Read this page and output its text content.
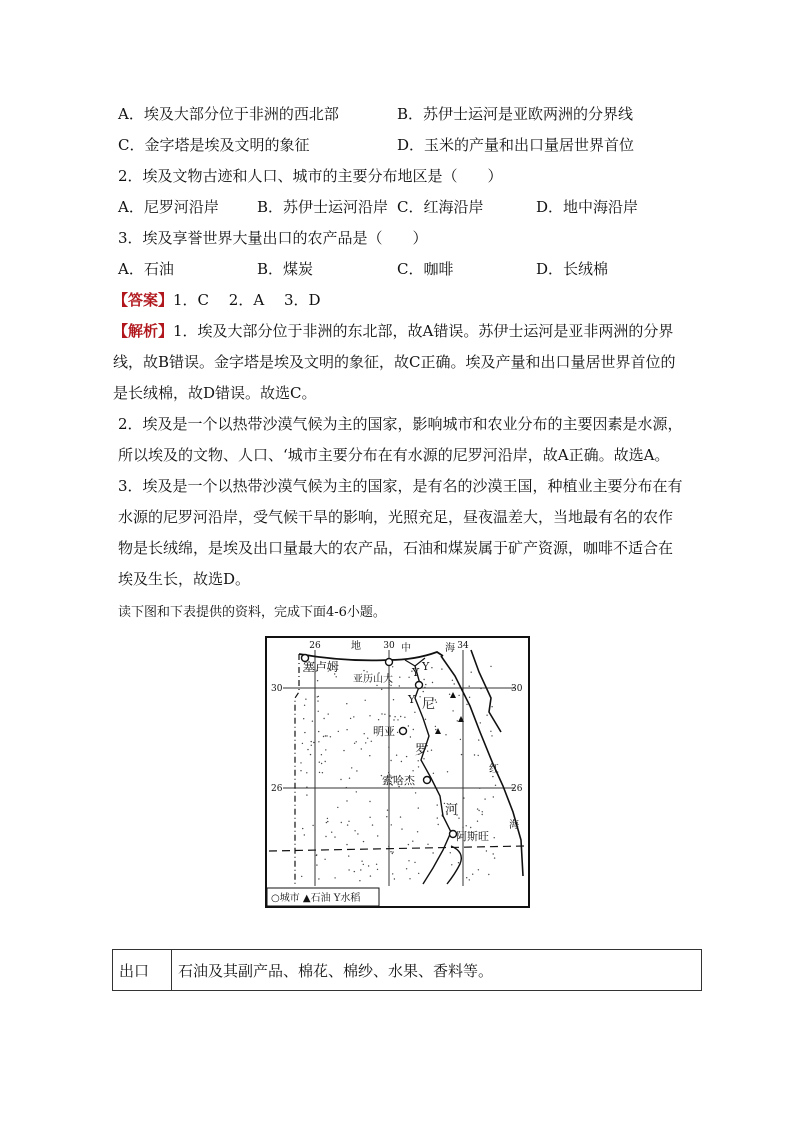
A．埃及大部分位于非洲的西北部	B．苏伊士运河是亚欧两洲的分界线
C．金字塔是埃及文明的象征	D．玉米的产量和出口量居世界首位
2．埃及文物古迹和人口、城市的主要分布地区是（　　）
A．尼罗河沿岸	B．苏伊士运河沿岸 C．红海沿岸	D．地中海沿岸
3．埃及享誉世界大量出口的农产品是（　　）
A．石油	B．煤炭	C．咖啡	D．长绒棉
【答案】1．C　 2．A　 3．D
【解析】1．埃及大部分位于非洲的东北部，故A错误。苏伊士运河是亚非两洲的分界线，故B错误。金字塔是埃及文明的象征，故C正确。埃及产量和出口量居世界首位的是长绒棉，故D错误。故选C。
2．埃及是一个以热带沙漠气候为主的国家，影响城市和农业分布的主要因素是水源，所以埃及的文物、人口、‘城市主要分布在有水源的尼罗河沿岸，故A正确。故选A。
3．埃及是一个以热带沙漠气候为主的国家，是有名的沙漠王国，种植业主要分布在有水源的尼罗河沿岸，受气候干旱的影响，光照充足，昼夜温差大，当地最有名的农作物是长绒绵，是埃及出口量最大的农产品，石油和煤炭属于矿产资源，咖啡不适合在埃及生长，故选D。
读下图和下表提供的资料，完成下面4-6小题。
Y Y
Y
26	30	34
30	30
26	26
地	中	海
红
海
塞卢姆
亚历山大
明亚
索哈杰
阿斯旺
尼
罗
河
○城市 ▲石油 Y水稻
出口	石油及其副产品、棉花、棉纱、水果、香料等。
